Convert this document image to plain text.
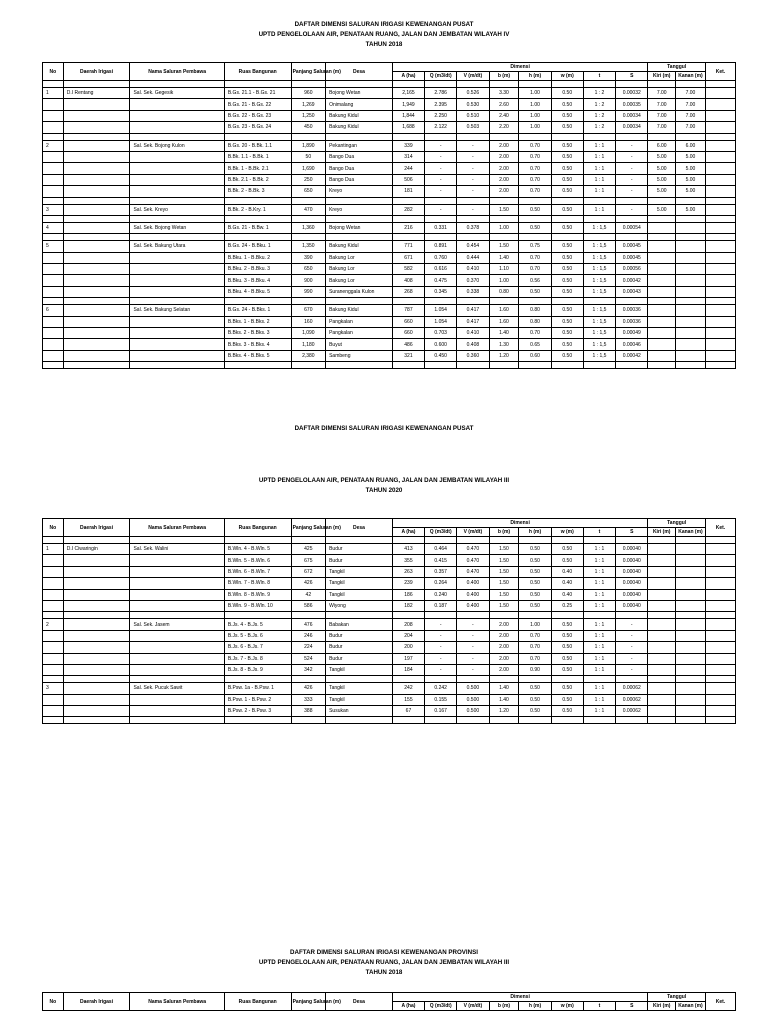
DAFTAR DIMENSI SALURAN IRIGASI KEWENANGAN PUSAT
UPTD PENGELOLAAN AIR, PENATAAN RUANG, JALAN DAN JEMBATAN WILAYAH IV
TAHUN 2018
No	Daerah Irigasi	Nama Saluran Pembawa	Ruas Bangunan	Panjang Saluran (m)	Desa	Dimensi								Tanggul		Ket.
						A (ha)	Q (m3/dt)	V (m/dt)	b (m)	h (m)	w (m)	t	S	Kiri (m)	Kanan (m)	

1	D.I Rentang	Sal. Sek. Gegesik	B.Gs. 21.1 - B.Gs. 21	960	Bojong Wetan	2,165	2.786	0.526	3.30	1.00	0.50	1 : 2	0.00032	7.00	7.00	
			B.Gs. 21 - B.Gs. 22	1,269	Onimalang	1,949	2.395	0.530	2.60	1.00	0.50	1 : 2	0.00035	7.00	7.00	
			B.Gs. 22 - B.Gs. 23	1,250	Bakung Kidul	1,844	2.250	0.510	2.40	1.00	0.50	1 : 2	0.00034	7.00	7.00	
			B.Gs. 23 - B.Gs. 24	450	Bakung Kidul	1,688	2.122	0.503	2.20	1.00	0.50	1 : 2	0.00034	7.00	7.00	

2		Sal. Sek. Bojong Kulon	B.Gs. 20 - B.Bk. 1.1	1,890	Pekantingan	339	-	-	2.00	0.70	0.50	1 : 1	-	6.00	6.00	
			B.Bk. 1.1 - B.Bk. 1	50	Bango Dua	314	-	-	2.00	0.70	0.50	1 : 1	-	5.00	5.00	
			B.Bk. 1 - B.Bk. 2.1	1,690	Bango Dua	244	-	-	2.00	0.70	0.50	1 : 1	-	5.00	5.00	
			B.Bk. 2.1 - B.Bk. 2	250	Bango Dua	506	-	-	2.00	0.70	0.50	1 : 1	-	5.00	5.00	
			B.Bk. 2 - B.Bk. 3	650	Kreyo	181	-	-	2.00	0.70	0.50	1 : 1	-	5.00	5.00	

3		Sal. Sek. Kreyo	B.Bk. 2 - B.Kry. 1	470	Kreyo	282	-	-	1.50	0.50	0.50	1 : 1	-	5.00	5.00	

4		Sal. Sek. Bojong Wetan	B.Gs. 21 - B.Bw. 1	1,360	Bojong Wetan	216	0.331	0.378	1.00	0.50	0.50	1 : 1,5	0.00054			

5		Sal. Sek. Bakung Utara	B.Gs. 24 - B.Bku. 1	1,350	Bakung Kidul	771	0.891	0.454	1.50	0.75	0.50	1 : 1,5	0.00045			
			B.Bku. 1 - B.Bku. 2	390	Bakung Lor	671	0.760	0.444	1.40	0.70	0.50	1 : 1,5	0.00045			
			B.Bku. 2 - B.Bku. 3	650	Bakung Lor	582	0.616	0.410	1.10	0.70	0.50	1 : 1,5	0.00056			
			B.Bku. 3 - B.Bku. 4	900	Bakung Lor	408	0.475	0.370	1.00	0.56	0.50	1 : 1,5	0.00042			
			B.Bku. 4 - B.Bku. 5	990	Suranenggala Kulon	268	0.345	0.338	0.80	0.50	0.50	1 : 1,5	0.00043			

6		Sal. Sek. Bakung Selatan	B.Gs. 24 - B.Bks. 1	670	Bakung Kidul	787	1.054	0.417	1.60	0.80	0.50	1 : 1,5	0.00036			
			B.Bks. 1 - B.Bks. 2	160	Pangkalan	660	1.054	0.417	1.60	0.80	0.50	1 : 1,5	0.00036			
			B.Bks. 2 - B.Bks. 3	1,090	Pangkalan	660	0.703	0.410	1.40	0.70	0.50	1 : 1,5	0.00049			
			B.Bks. 3 - B.Bks. 4	1,180	Buyut	486	0.600	0.408	1.30	0.65	0.50	1 : 1,5	0.00046			
			B.Bks. 4 - B.Bks. 5	2,380	Sambeng	321	0.450	0.360	1.20	0.60	0.50	1 : 1,5	0.00042			

DAFTAR DIMENSI SALURAN IRIGASI KEWENANGAN PUSAT
UPTD PENGELOLAAN AIR, PENATAAN RUANG, JALAN DAN JEMBATAN WILAYAH III
TAHUN 2020
No	Daerah Irigasi	Nama Saluran Pembawa	Ruas Bangunan	Panjang Saluran (m)	Desa	Dimensi								Tanggul		Ket.
						A (ha)	Q (m3/dt)	V (m/dt)	b (m)	h (m)	w (m)	t	S	Kiri (m)	Kanan (m)	

1	D.I Ciwaringin	Sal. Sek. Walini	B.Wln. 4 - B.Wln. 5	425	Budur	413	0.464	0.470	1.50	0.50	0.50	1 : 1	0.00040			
			B.Wln. 5 - B.Wln. 6	675	Budur	355	0.415	0.470	1.50	0.50	0.50	1 : 1	0.00040			
			B.Wln. 6 - B.Wln. 7	672	Tangkil	263	0.357	0.470	1.50	0.50	0.40	1 : 1	0.00040			
			B.Wln. 7 - B.Wln. 8	426	Tangkil	239	0.264	0.400	1.50	0.50	0.40	1 : 1	0.00040			
			B.Wln. 8 - B.Wln. 9	42	Tangkil	186	0.240	0.400	1.50	0.50	0.40	1 : 1	0.00040			
			B.Wln. 9 - B.Wln. 10	586	Wiyong	182	0.187	0.400	1.50	0.50	0.25	1 : 1	0.00040			

2		Sal. Sek. Jasem	B.Js. 4 - B.Js. 5	476	Babakan	208	-	-	2.00	1.00	0.50	1 : 1	-			
			B.Js. 5 - B.Js. 6	246	Budur	204	-	-	2.00	0.70	0.50	1 : 1	-			
			B.Js. 6 - B.Js. 7	224	Budur	200	-	-	2.00	0.70	0.50	1 : 1	-			
			B.Js. 7 - B.Js. 8	524	Budur	197	-	-	2.00	0.70	0.50	1 : 1	-			
			B.Js. 8 - B.Js. 9	342	Tangkil	184	-	-	2.00	0.90	0.50	1 : 1	-			

3		Sal. Sek. Pucuk Sawit	B.Psw. 1a - B.Psw. 1	426	Tangkil	242	0.242	0.500	1.40	0.50	0.50	1 : 1	0.00062			
			B.Psw. 1 - B.Psw. 2	333	Tangkil	155	0.155	0.500	1.40	0.50	0.50	1 : 1	0.00062			
			B.Psw. 2 - B.Psw. 3	388	Susukan	67	0.167	0.500	1.20	0.50	0.50	1 : 1	0.00062			

DAFTAR DIMENSI SALURAN IRIGASI KEWENANGAN PROVINSI
UPTD PENGELOLAAN AIR, PENATAAN RUANG, JALAN DAN JEMBATAN WILAYAH III
TAHUN 2018
No	Daerah Irigasi	Nama Saluran Pembawa	Ruas Bangunan	Panjang Saluran (m)	Desa	Dimensi								Tanggul		Ket.
						A (ha)	Q (m3/dt)	V (m/dt)	b (m)	h (m)	w (m)	t	S	Kiri (m)	Kanan (m)	
